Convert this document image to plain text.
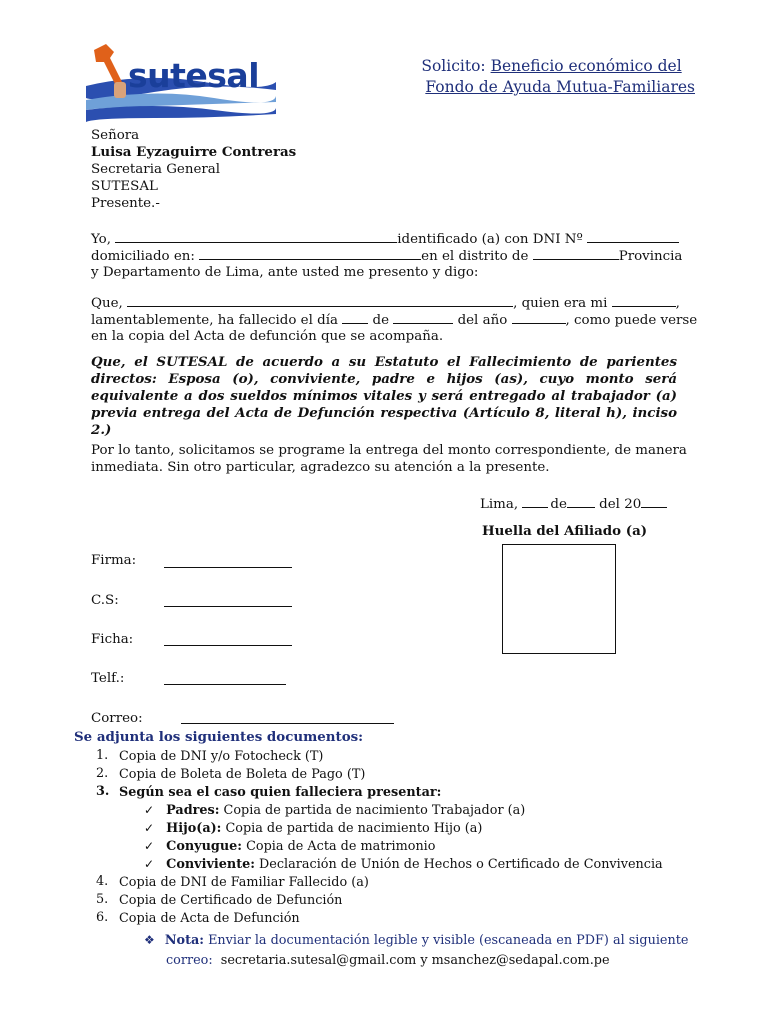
sutesal	Solicito: Beneficio económico del
Fondo de Ayuda Mutua-Familiares
Señora
Luisa Eyzaguirre Contreras
Secretaria General
SUTESAL
Presente.-
Yo,	identificado (a) con DNI Nº
domiciliado en:	en el distrito de	Provincia
y Departamento de Lima, ante usted me presento y digo:
Que,	, quien era mi	,
lamentablemente, ha fallecido el día	de	del año	, como puede verse
en la copia del Acta de defunción que se acompaña.
Que, el SUTESAL de acuerdo a su Estatuto el Fallecimiento de parientes directos: Esposa (o), conviviente, padre e hijos (as), cuyo monto será equivalente a dos sueldos mínimos vitales y será entregado al trabajador (a) previa entrega del Acta de Defunción respectiva (Artículo 8, literal h), inciso 2.)
Por lo tanto, solicitamos se programe la entrega del monto correspondiente, de manera
inmediata. Sin otro particular, agradezco su atención a la presente.
Lima, de del 20
Huella del Afiliado (a)
Firma:
C.S:
Ficha:
Telf.:
Correo:
Se adjunta los siguientes documentos:
1. Copia de DNI y/o Fotocheck (T)
2. Copia de Boleta de Boleta de Pago (T)
3. Según sea el caso quien falleciera presentar:
✓ Padres: Copia de partida de nacimiento Trabajador (a)
✓ Hijo(a): Copia de partida de nacimiento Hijo (a)
✓ Conyugue: Copia de Acta de matrimonio
✓ Conviviente: Declaración de Unión de Hechos o Certificado de Convivencia
4. Copia de DNI de Familiar Fallecido (a)
5. Copia de Certificado de Defunción
6. Copia de Acta de Defunción
❖ Nota: Enviar la documentación legible y visible (escaneada en PDF) al siguiente
correo: secretaria.sutesal@gmail.com y msanchez@sedapal.com.pe
